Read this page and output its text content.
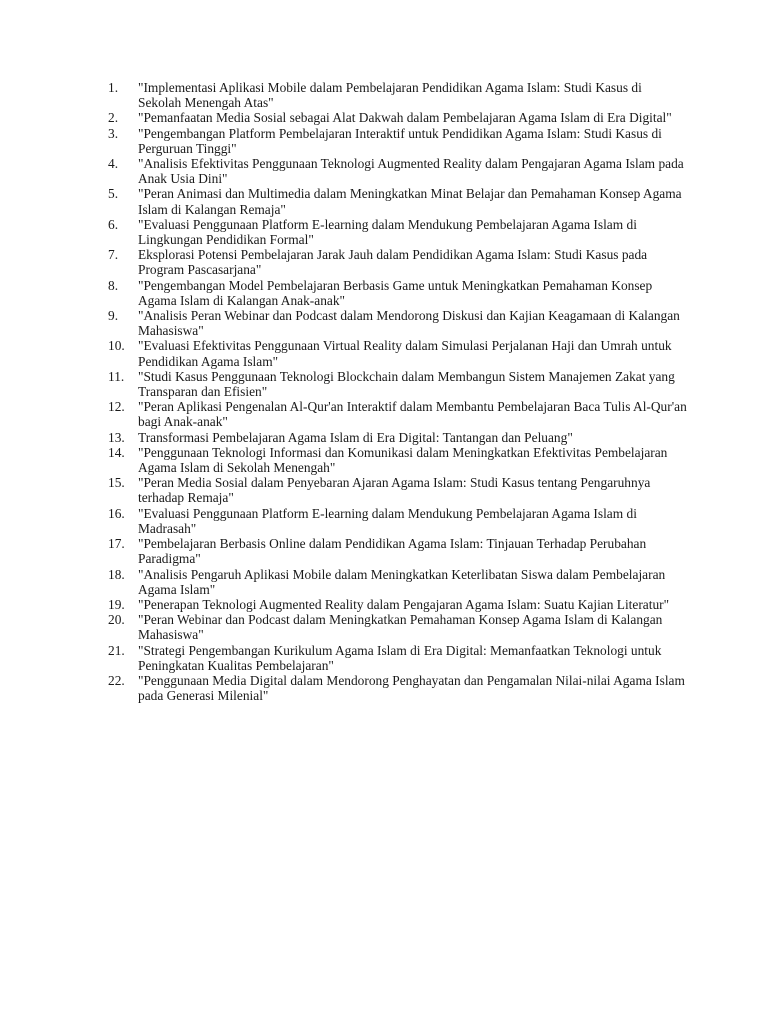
1.	"Implementasi Aplikasi Mobile dalam Pembelajaran Pendidikan Agama Islam: Studi Kasus di Sekolah Menengah Atas"
2.	"Pemanfaatan Media Sosial sebagai Alat Dakwah dalam Pembelajaran Agama Islam di Era Digital"
3.	"Pengembangan Platform Pembelajaran Interaktif untuk Pendidikan Agama Islam: Studi Kasus di Perguruan Tinggi"
4.	"Analisis Efektivitas Penggunaan Teknologi Augmented Reality dalam Pengajaran Agama Islam pada Anak Usia Dini"
5.	"Peran Animasi dan Multimedia dalam Meningkatkan Minat Belajar dan Pemahaman Konsep Agama Islam di Kalangan Remaja"
6.	"Evaluasi Penggunaan Platform E-learning dalam Mendukung Pembelajaran Agama Islam di Lingkungan Pendidikan Formal"
7.	Eksplorasi Potensi Pembelajaran Jarak Jauh dalam Pendidikan Agama Islam: Studi Kasus pada Program Pascasarjana"
8.	"Pengembangan Model Pembelajaran Berbasis Game untuk Meningkatkan Pemahaman Konsep Agama Islam di Kalangan Anak-anak"
9.	"Analisis Peran Webinar dan Podcast dalam Mendorong Diskusi dan Kajian Keagamaan di Kalangan Mahasiswa"
10. "Evaluasi Efektivitas Penggunaan Virtual Reality dalam Simulasi Perjalanan Haji dan Umrah untuk Pendidikan Agama Islam"
11.	"Studi Kasus Penggunaan Teknologi Blockchain dalam Membangun Sistem Manajemen Zakat yang Transparan dan Efisien"
12. "Peran Aplikasi Pengenalan Al-Qur'an Interaktif dalam Membantu Pembelajaran Baca Tulis Al-Qur'an bagi Anak-anak"
13. Transformasi Pembelajaran Agama Islam di Era Digital: Tantangan dan Peluang"
14. "Penggunaan Teknologi Informasi dan Komunikasi dalam Meningkatkan Efektivitas Pembelajaran Agama Islam di Sekolah Menengah"
15. "Peran Media Sosial dalam Penyebaran Ajaran Agama Islam: Studi Kasus tentang Pengaruhnya terhadap Remaja"
16. "Evaluasi Penggunaan Platform E-learning dalam Mendukung Pembelajaran Agama Islam di Madrasah"
17. "Pembelajaran Berbasis Online dalam Pendidikan Agama Islam: Tinjauan Terhadap Perubahan Paradigma"
18. "Analisis Pengaruh Aplikasi Mobile dalam Meningkatkan Keterlibatan Siswa dalam Pembelajaran Agama Islam"
19. "Penerapan Teknologi Augmented Reality dalam Pengajaran Agama Islam: Suatu Kajian Literatur"
20. "Peran Webinar dan Podcast dalam Meningkatkan Pemahaman Konsep Agama Islam di Kalangan Mahasiswa"
21. "Strategi Pengembangan Kurikulum Agama Islam di Era Digital: Memanfaatkan Teknologi untuk Peningkatan Kualitas Pembelajaran"
22. "Penggunaan Media Digital dalam Mendorong Penghayatan dan Pengamalan Nilai-nilai Agama Islam pada Generasi Milenial"
